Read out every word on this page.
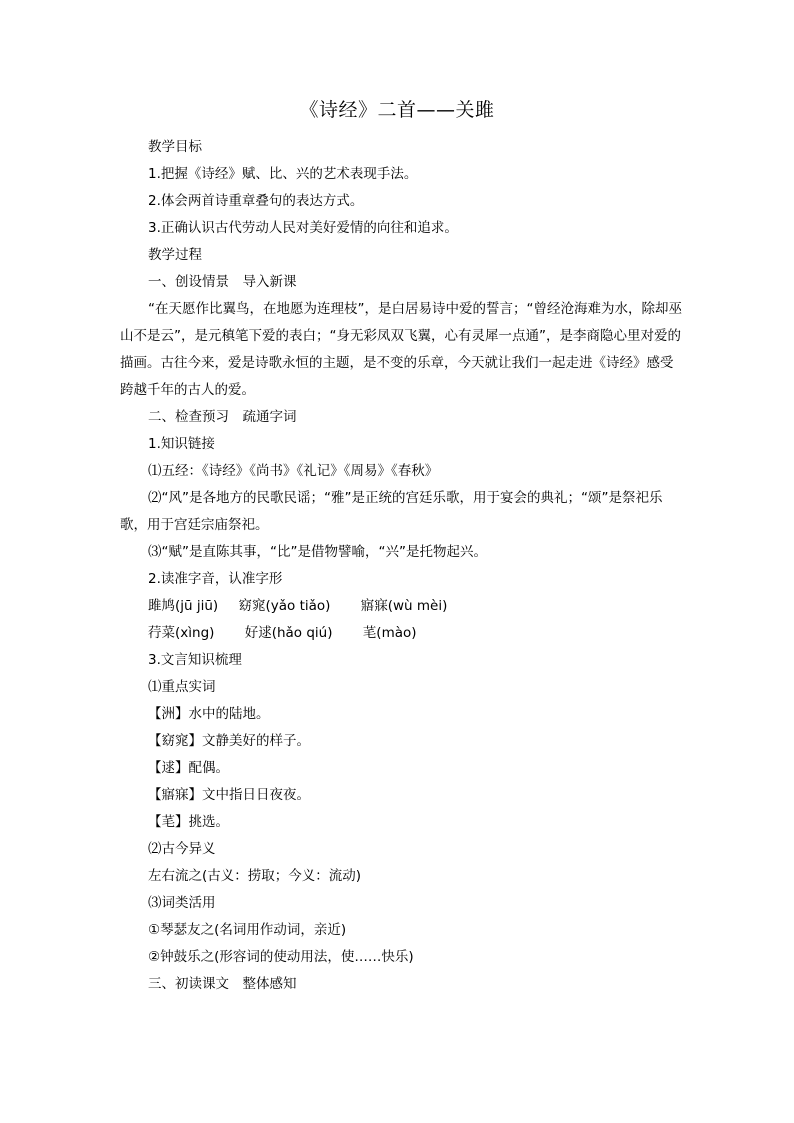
《诗经》二首——关雎
教学目标
1.把握《诗经》赋、比、兴的艺术表现手法。
2.体会两首诗重章叠句的表达方式。
3.正确认识古代劳动人民对美好爱情的向往和追求。
教学过程
一、创设情景　导入新课
“在天愿作比翼鸟，在地愿为连理枝”，是白居易诗中爱的誓言；“曾经沧海难为水，除却巫山不是云”，是元稹笔下爱的表白；“身无彩凤双飞翼，心有灵犀一点通”，是李商隐心里对爱的描画。古往今来，爱是诗歌永恒的主题，是不变的乐章，今天就让我们一起走进《诗经》感受跨越千年的古人的爱。
二、检查预习　疏通字词
1.知识链接
⑴五经：《诗经》《尚书》《礼记》《周易》《春秋》
⑵“风”是各地方的民歌民谣；“雅”是正统的宫廷乐歌，用于宴会的典礼；“颂”是祭祀乐歌，用于宫廷宗庙祭祀。
⑶“赋”是直陈其事，“比”是借物譬喻，“兴”是托物起兴。
2.读准字音，认准字形
雎鸠(jū jiū) 窈窕(yǎo tiǎo) 寤寐(wù mèi)
荇菜(xìng) 好逑(hǎo qiú) 芼(mào)
3.文言知识梳理
⑴重点实词
【洲】水中的陆地。
【窈窕】文静美好的样子。
【逑】配偶。
【寤寐】文中指日日夜夜。
【芼】挑选。
⑵古今异义
左右流之(古义：捞取；今义：流动)
⑶词类活用
①琴瑟友之(名词用作动词，亲近)
②钟鼓乐之(形容词的使动用法，使……快乐)
三、初读课文　整体感知
